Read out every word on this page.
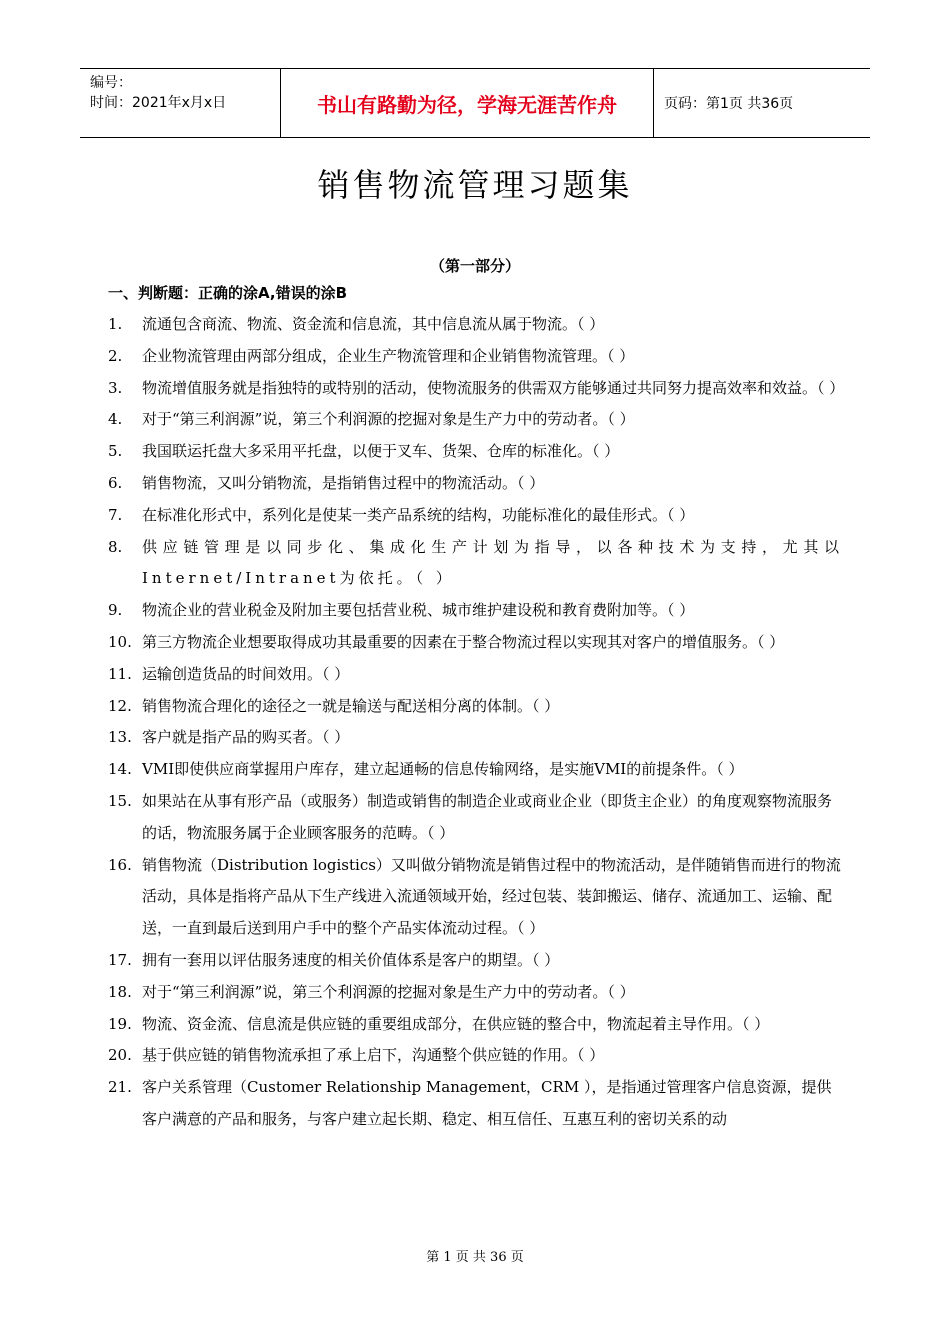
编号：
时间：2021年x月x日	书山有路勤为径，学海无涯苦作舟	页码：第1页 共36页
销售物流管理习题集
（第一部分）
一、判断题：正确的涂A,错误的涂B
1.	流通包含商流、物流、资金流和信息流，其中信息流从属于物流。（ ）
2.	企业物流管理由两部分组成，企业生产物流管理和企业销售物流管理。（ ）
3.	物流增值服务就是指独特的或特别的活动，使物流服务的供需双方能够通过共同努力提高效率和效益。（ ）
4.	对于“第三利润源”说，第三个利润源的挖掘对象是生产力中的劳动者。（ ）
5.	我国联运托盘大多采用平托盘，以便于叉车、货架、仓库的标准化。（ ）
6.	销售物流，又叫分销物流，是指销售过程中的物流活动。（ ）
7.	在标准化形式中，系列化是使某一类产品系统的结构，功能标准化的最佳形式。（ ）
8.	供应链管理是以同步化、集成化生产计划为指导，以各种技术为支持，尤其以Internet/Intranet为依托。（ ）
9.	物流企业的营业税金及附加主要包括营业税、城市维护建设税和教育费附加等。（ ）
10. 第三方物流企业想要取得成功其最重要的因素在于整合物流过程以实现其对客户的增值服务。（ ）
11. 运输创造货品的时间效用。（ ）
12. 销售物流合理化的途径之一就是输送与配送相分离的体制。（ ）
13. 客户就是指产品的购买者。（ ）
14. VMI即使供应商掌握用户库存，建立起通畅的信息传输网络，是实施VMI的前提条件。（ ）
15. 如果站在从事有形产品（或服务）制造或销售的制造企业或商业企业（即货主企业）的角度观察物流服务的话，物流服务属于企业顾客服务的范畴。（ ）
16. 销售物流（Distribution logistics）又叫做分销物流是销售过程中的物流活动，是伴随销售而进行的物流活动，具体是指将产品从下生产线进入流通领域开始，经过包装、装卸搬运、储存、流通加工、运输、配送，一直到最后送到用户手中的整个产品实体流动过程。（ ）
17. 拥有一套用以评估服务速度的相关价值体系是客户的期望。（ ）
18. 对于“第三利润源”说，第三个利润源的挖掘对象是生产力中的劳动者。（ ）
19. 物流、资金流、信息流是供应链的重要组成部分，在供应链的整合中，物流起着主导作用。（ ）
20. 基于供应链的销售物流承担了承上启下，沟通整个供应链的作用。（ ）
21. 客户关系管理（Customer Relationship Management，CRM ），是指通过管理客户信息资源，提供客户满意的产品和服务，与客户建立起长期、稳定、相互信任、互惠互利的密切关系的动
第 1 页 共 36 页
